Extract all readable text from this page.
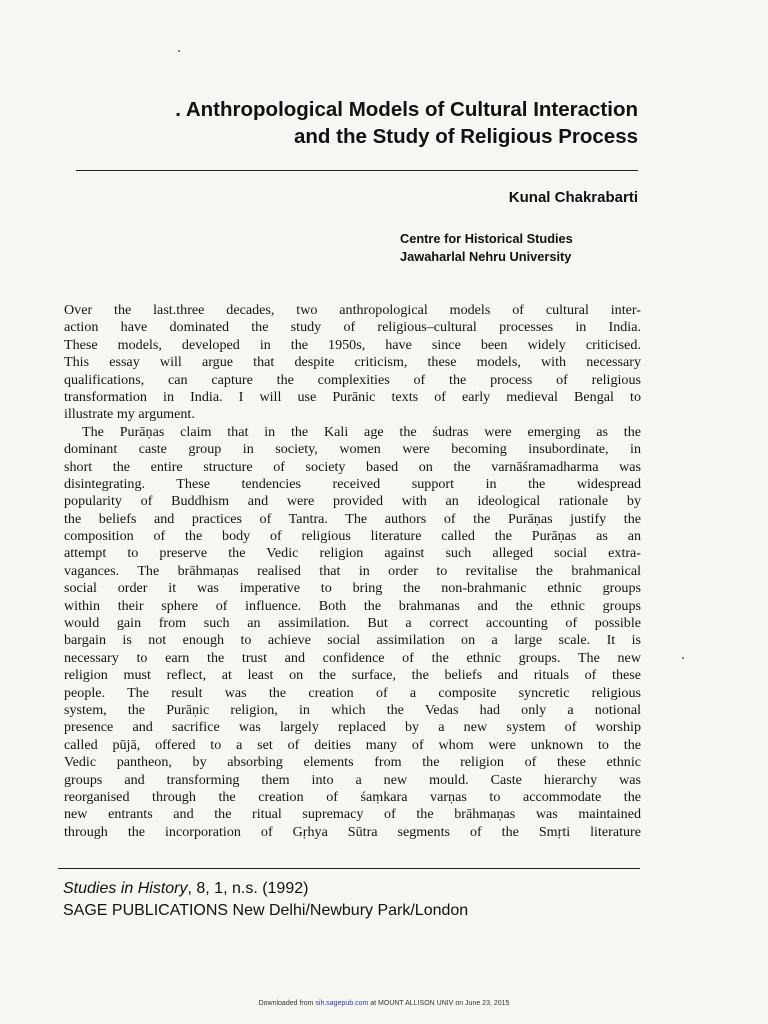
. Anthropological Models of Cultural Interaction
and the Study of Religious Process
Kunal Chakrabarti
Centre for Historical Studies
Jawaharlal Nehru University
Over the last.three decades, two anthropological models of cultural inter-
action have dominated the study of religious–cultural processes in India.
These models, developed in the 1950s, have since been widely criticised.
This essay will argue that despite criticism, these models, with necessary
qualifications, can capture the complexities of the process of religious
transformation in India. I will use Purānic texts of early medieval Bengal to
illustrate my argument.
The Purāṇas claim that in the Kali age the śudras were emerging as the
dominant caste group in society, women were becoming insubordinate, in
short the entire structure of society based on the varnāśramadharma was
disintegrating. These tendencies received support in the widespread
popularity of Buddhism and were provided with an ideological rationale by
the beliefs and practices of Tantra. The authors of the Purāṇas justify the
composition of the body of religious literature called the Purāṇas as an
attempt to preserve the Vedic religion against such alleged social extra-
vagances. The brāhmaṇas realised that in order to revitalise the brahmanical
social order it was imperative to bring the non-brahmanic ethnic groups
within their sphere of influence. Both the brahmanas and the ethnic groups
would gain from such an assimilation. But a correct accounting of possible
bargain is not enough to achieve social assimilation on a large scale. It is
necessary to earn the trust and confidence of the ethnic groups. The new
religion must reflect, at least on the surface, the beliefs and rituals of these
people. The result was the creation of a composite syncretic religious
system, the Purāṇic religion, in which the Vedas had only a notional
presence and sacrifice was largely replaced by a new system of worship
called pūjā, offered to a set of deities many of whom were unknown to the
Vedic pantheon, by absorbing elements from the religion of these ethnic
groups and transforming them into a new mould. Caste hierarchy was
reorganised through the creation of śaṃkara varṇas to accommodate the
new entrants and the ritual supremacy of the brāhmaṇas was maintained
through the incorporation of Gṛhya Sūtra segments of the Smṛti literature
Studies in History, 8, 1, n.s. (1992)
SAGE PUBLICATIONS New Delhi/Newbury Park/London
Downloaded from sih.sagepub.com at MOUNT ALLISON UNIV on June 23, 2015
